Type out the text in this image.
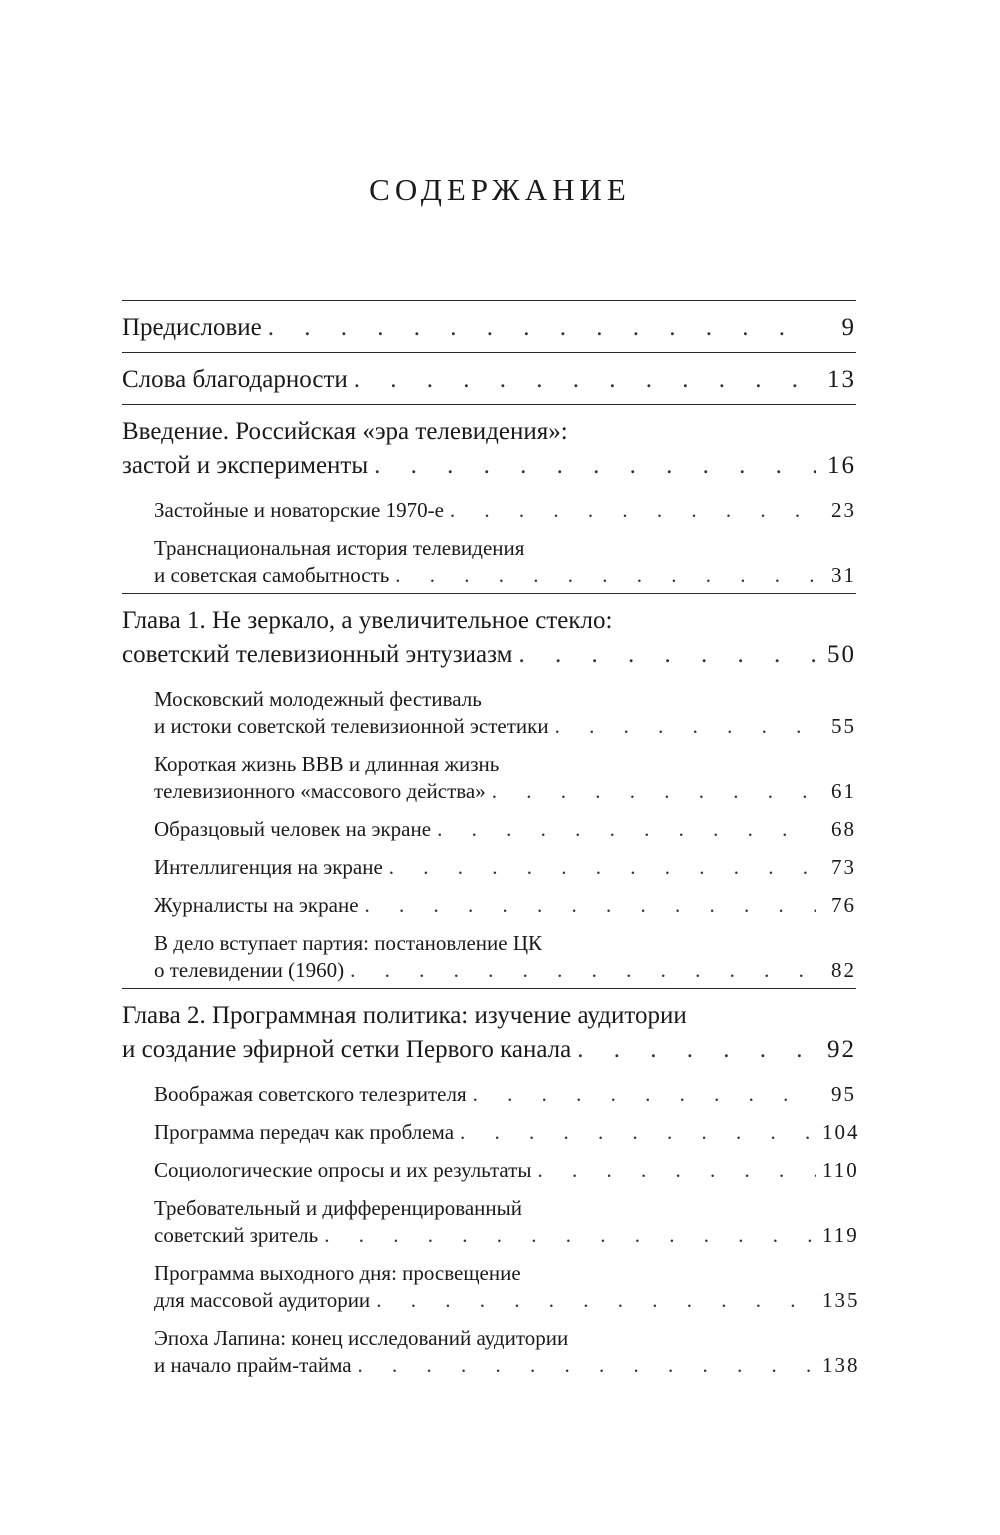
СОДЕРЖАНИЕ
Предисловие . . .	9
Слова благодарности . . .	13
Введение. Российская «эра телевидения»:
застой и эксперименты . . .	16
Застойные и новаторские 1970-е . . .	23
Транснациональная история телевидения
и советская самобытность . . .	31
Глава 1. Не зеркало, а увеличительное стекло:
советский телевизионный энтузиазм . . .	50
Московский молодежный фестиваль
и истоки советской телевизионной эстетики . . .	55
Короткая жизнь ВВВ и длинная жизнь
телевизионного «массового действа» . . .	61
Образцовый человек на экране . . .	68
Интеллигенция на экране . . .	73
Журналисты на экране . . .	76
В дело вступает партия: постановление ЦК
о телевидении (1960) . . .	82
Глава 2. Программная политика: изучение аудитории
и создание эфирной сетки Первого канала . . .	92
Воображая советского телезрителя . . .	95
Программа передач как проблема . . .	104
Социологические опросы и их результаты . . .	110
Требовательный и дифференцированный
советский зритель . . .	119
Программа выходного дня: просвещение
для массовой аудитории . . .	135
Эпоха Лапина: конец исследований аудитории
и начало прайм-тайма . . .	138
